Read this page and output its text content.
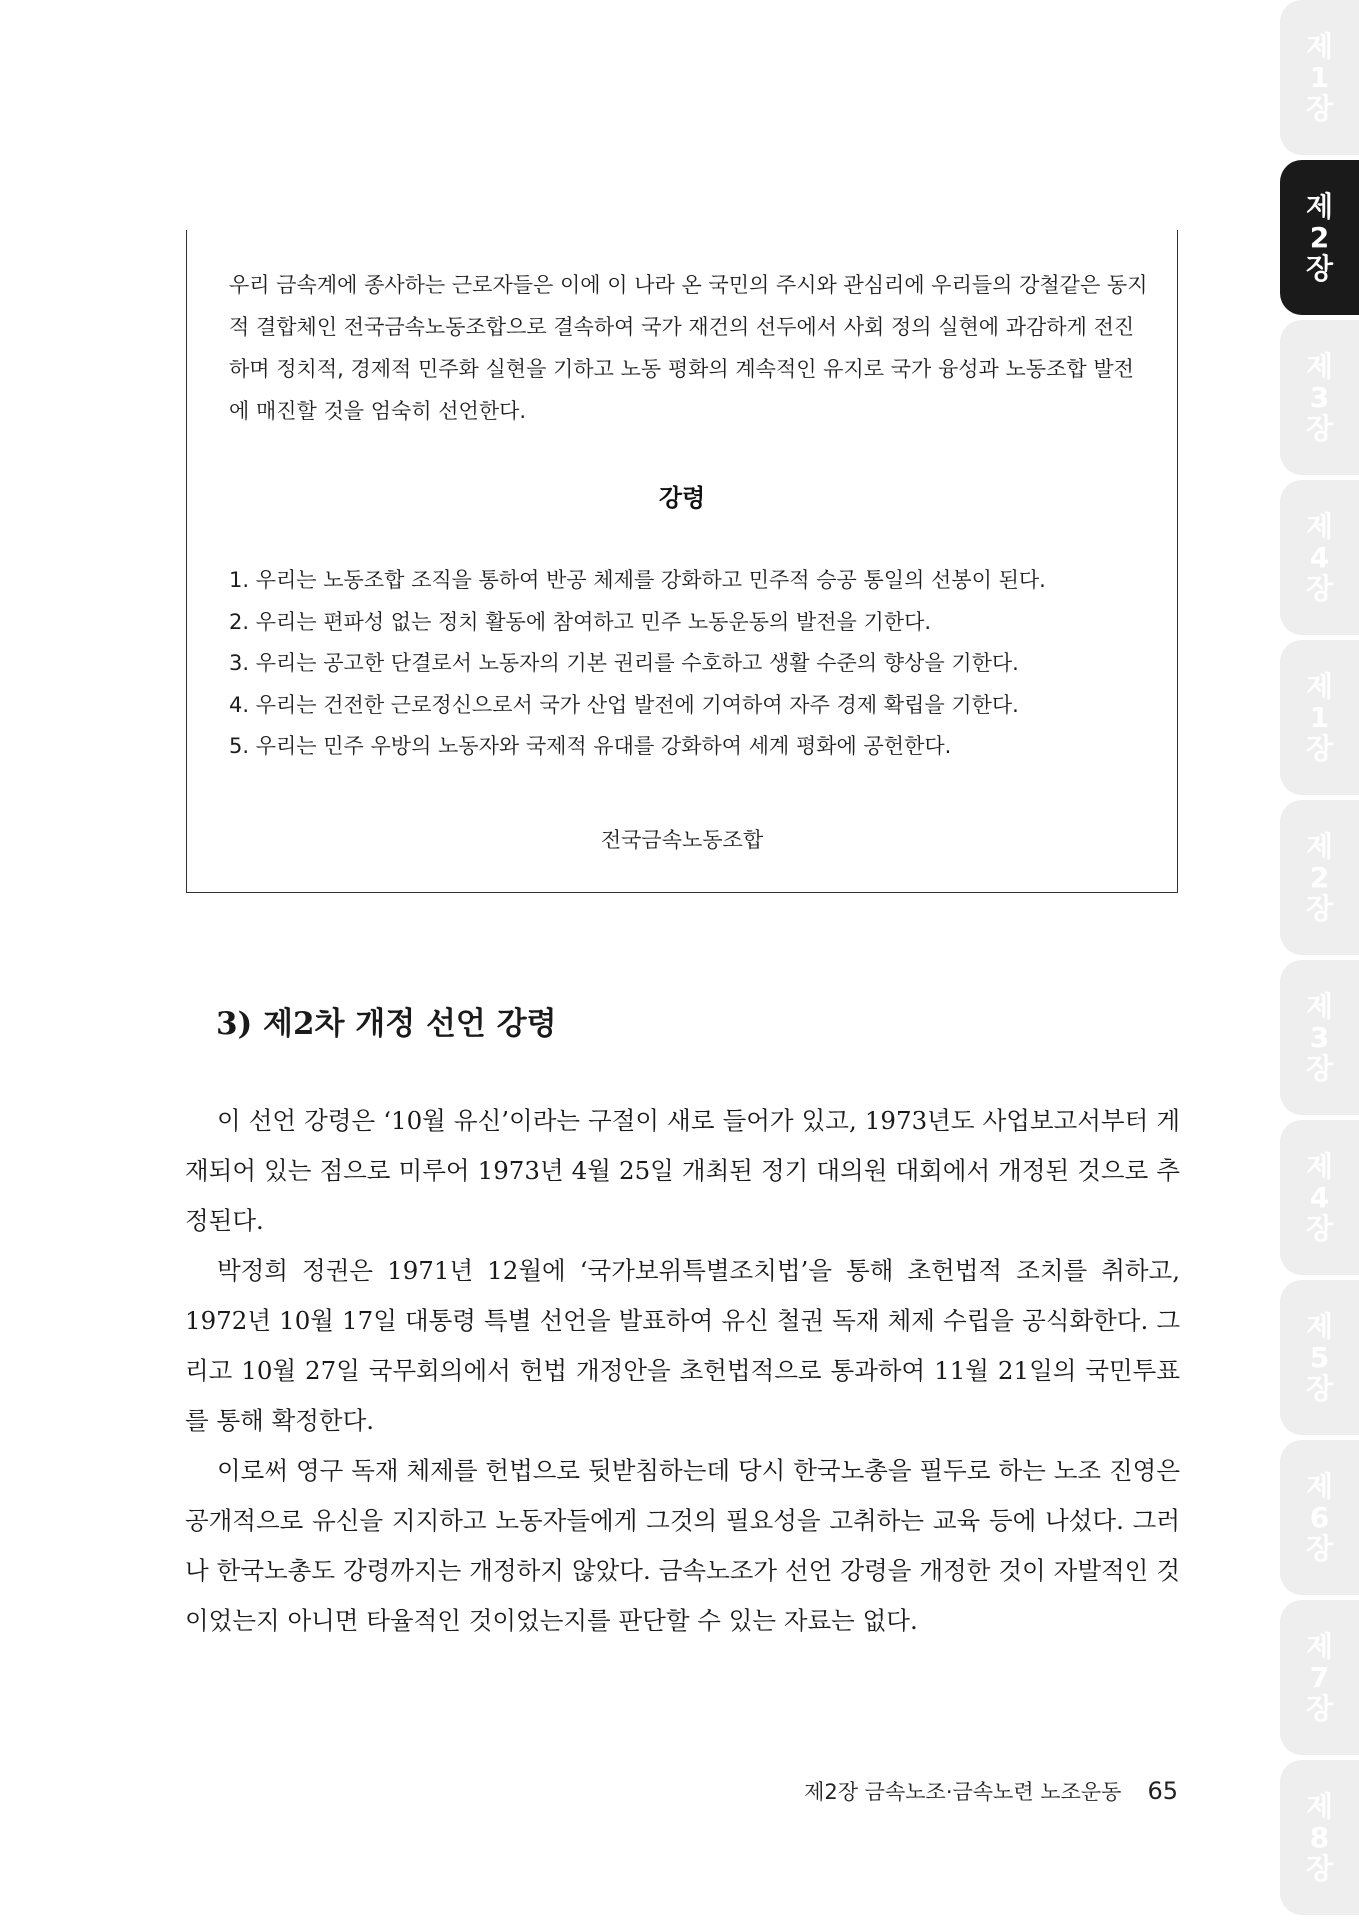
우리 금속계에 종사하는 근로자들은 이에 이 나라 온 국민의 주시와 관심리에 우리들의 강철같은 동지적 결합체인 전국금속노동조합으로 결속하여 국가 재건의 선두에서 사회 정의 실현에 과감하게 전진하며 정치적, 경제적 민주화 실현을 기하고 노동 평화의 계속적인 유지로 국가 융성과 노동조합 발전에 매진할 것을 엄숙히 선언한다.

강령
1. 우리는 노동조합 조직을 통하여 반공 체제를 강화하고 민주적 승공 통일의 선봉이 된다.
2. 우리는 편파성 없는 정치 활동에 참여하고 민주 노동운동의 발전을 기한다.
3. 우리는 공고한 단결로서 노동자의 기본 권리를 수호하고 생활 수준의 향상을 기한다.
4. 우리는 건전한 근로정신으로서 국가 산업 발전에 기여하여 자주 경제 확립을 기한다.
5. 우리는 민주 우방의 노동자와 국제적 유대를 강화하여 세계 평화에 공헌한다.
전국금속노동조합
3) 제2차 개정 선언 강령

이 선언 강령은 ‘10월 유신’이라는 구절이 새로 들어가 있고, 1973년도 사업보고서부터 게재되어 있는 점으로 미루어 1973년 4월 25일 개최된 정기 대의원 대회에서 개정된 것으로 추정된다.

박정희 정권은 1971년 12월에 ‘국가보위특별조치법’을 통해 초헌법적 조치를 취하고, 1972년 10월 17일 대통령 특별 선언을 발표하여 유신 철권 독재 체제 수립을 공식화한다. 그리고 10월 27일 국무회의에서 헌법 개정안을 초헌법적으로 통과하여 11월 21일의 국민투표를 통해 확정한다.

이로써 영구 독재 체제를 헌법으로 뒷받침하는데 당시 한국노총을 필두로 하는 노조 진영은 공개적으로 유신을 지지하고 노동자들에게 그것의 필요성을 고취하는 교육 등에 나섰다. 그러나 한국노총도 강령까지는 개정하지 않았다. 금속노조가 선언 강령을 개정한 것이 자발적인 것이었는지 아니면 타율적인 것이었는지를 판단할 수 있는 자료는 없다.

제2장 금속노조·금속노련 노조운동 65
제
1
장
제
2
장
제
3
장
제
4
장
제
1
장
제
2
장
제
3
장
제
4
장
제
5
장
제
6
장
제
7
장
제
8
장
